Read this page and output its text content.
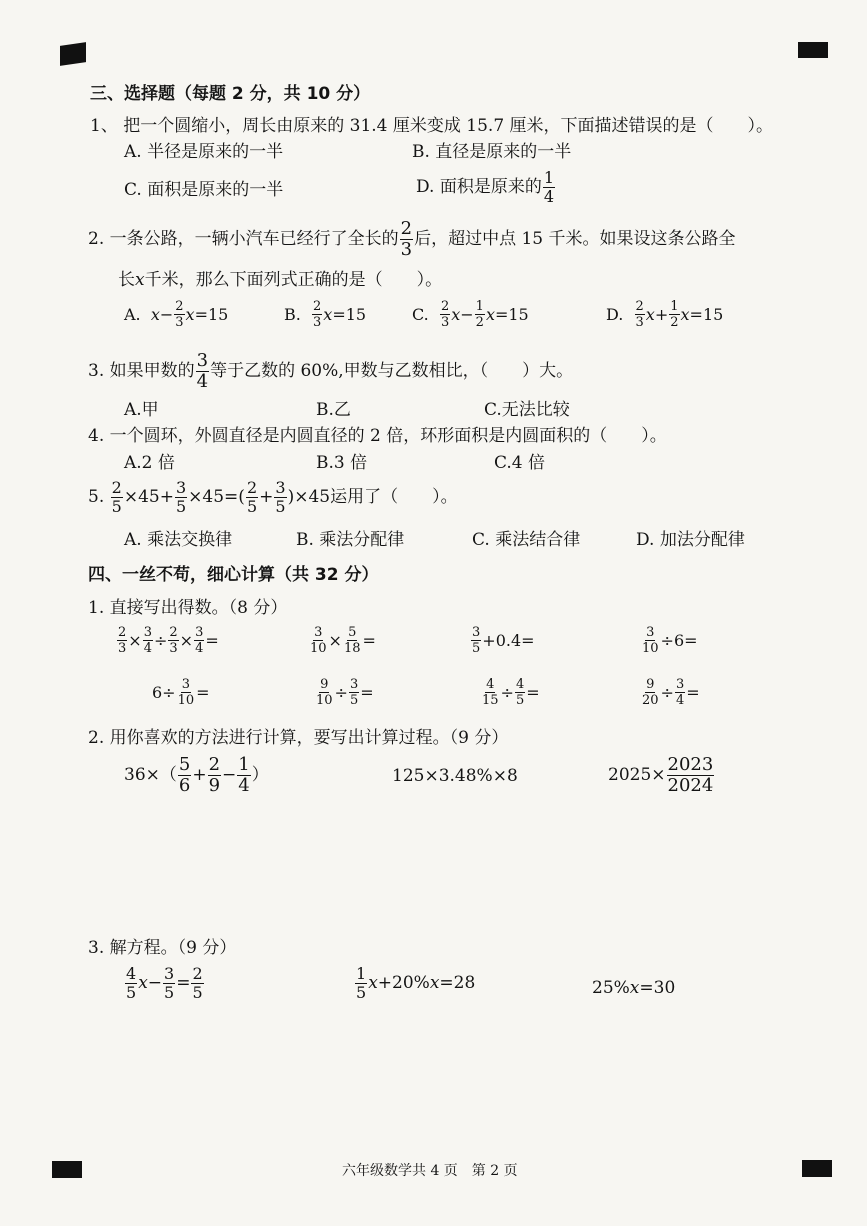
三、选择题（每题 2 分，共 10 分）
1、 把一个圆缩小，周长由原来的 31.4 厘米变成 15.7 厘米，下面描述错误的是（　　）。
A. 半径是原来的一半	B. 直径是原来的一半
C. 面积是原来的一半	D. 面积是原来的 $\frac{1}{4}$
2. 一条公路，一辆小汽车已经行了全长的 $\frac{2}{3}$ 后，超过中点 15 千米。如果设这条公路全
长x千米，那么下面列式正确的是（　　）。
A.
$x - \frac{2}{3}$ x =15	B.
$\frac{2}{3}$ x =15	C.
$\frac{2}{3}$ $x - \frac{1}{2}$ x =15	D.
$\frac{2}{3}$ $x + \frac{1}{2}$ x =15
3. 如果甲数的 $\frac{3}{4}$ 等于乙数的 60%,甲数与乙数相比，（　　）大。
A.甲	B.乙	C.无法比较
4. 一个圆环，外圆直径是内圆直径的 2 倍，环形面积是内圆面积的（　　）。
A.2 倍	B.3 倍	C.4 倍
5.
$\frac{2}{5} \times 45 + \frac{3}{5} \times 45$ =( $\frac{2}{5} + \frac{3}{5} )\times 45$ 运用了（　　）。
A. 乘法交换律	B. 乘法分配律	C. 乘法结合律	D. 加法分配律
四、一丝不苟，细心计算（共 32 分）
1. 直接写出得数。（8 分）
$\frac{2}{3} \times \frac{3}{4} \div \frac{2}{3} \times \frac{3}{4}$ =	$\frac{3}{10} \times \frac{5}{18}$ =	$\frac{3}{5} +0.4=$	$\frac{3}{10} \div 6=$
$6\div \frac{3}{10}$ =	$\frac{9}{10} \div \frac{3}{5}$ =	$\frac{4}{15} \div \frac{4}{5}$ =	$\frac{9}{20} \div \frac{3}{4}$ =
2. 用你喜欢的方法进行计算，要写出计算过程。（9 分）
$36\times( \frac{5}{6} + \frac{2}{9} - \frac{1}{4}$ ）	125×3.48%×8	$2025\times \frac{2023}{2024}$
3. 解方程。（9 分）
$\frac{4}{5}$ $x - \frac{3}{5} = \frac{2}{5}$	$\frac{1}{5}$ x +20% x =28	25%x=30
六年级数学共 4 页　第 2 页
